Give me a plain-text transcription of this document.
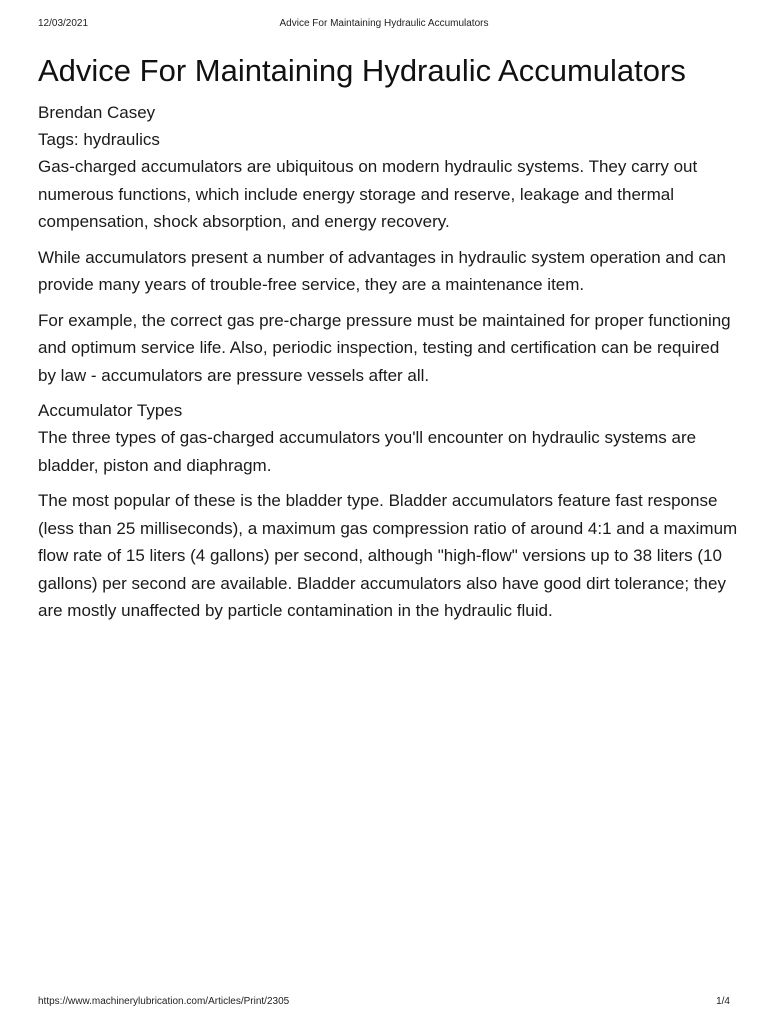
12/03/2021	Advice For Maintaining Hydraulic Accumulators
Advice For Maintaining Hydraulic Accumulators
Brendan Casey
Tags: hydraulics

Gas-charged accumulators are ubiquitous on modern hydraulic systems. They carry out numerous functions, which include energy storage and reserve, leakage and thermal compensation, shock absorption, and energy recovery.

While accumulators present a number of advantages in hydraulic system operation and can provide many years of trouble-free service, they are a maintenance item.

For example, the correct gas pre-charge pressure must be maintained for proper functioning and optimum service life. Also, periodic inspection, testing and certification can be required by law - accumulators are pressure vessels after all.

Accumulator Types

The three types of gas-charged accumulators you'll encounter on hydraulic systems are bladder, piston and diaphragm.

The most popular of these is the bladder type. Bladder accumulators feature fast response (less than 25 milliseconds), a maximum gas compression ratio of around 4:1 and a maximum flow rate of 15 liters (4 gallons) per second, although "high-flow" versions up to 38 liters (10 gallons) per second are available. Bladder accumulators also have good dirt tolerance; they are mostly unaffected by particle contamination in the hydraulic fluid.

https://www.machinerylubrication.com/Articles/Print/2305	1/4
